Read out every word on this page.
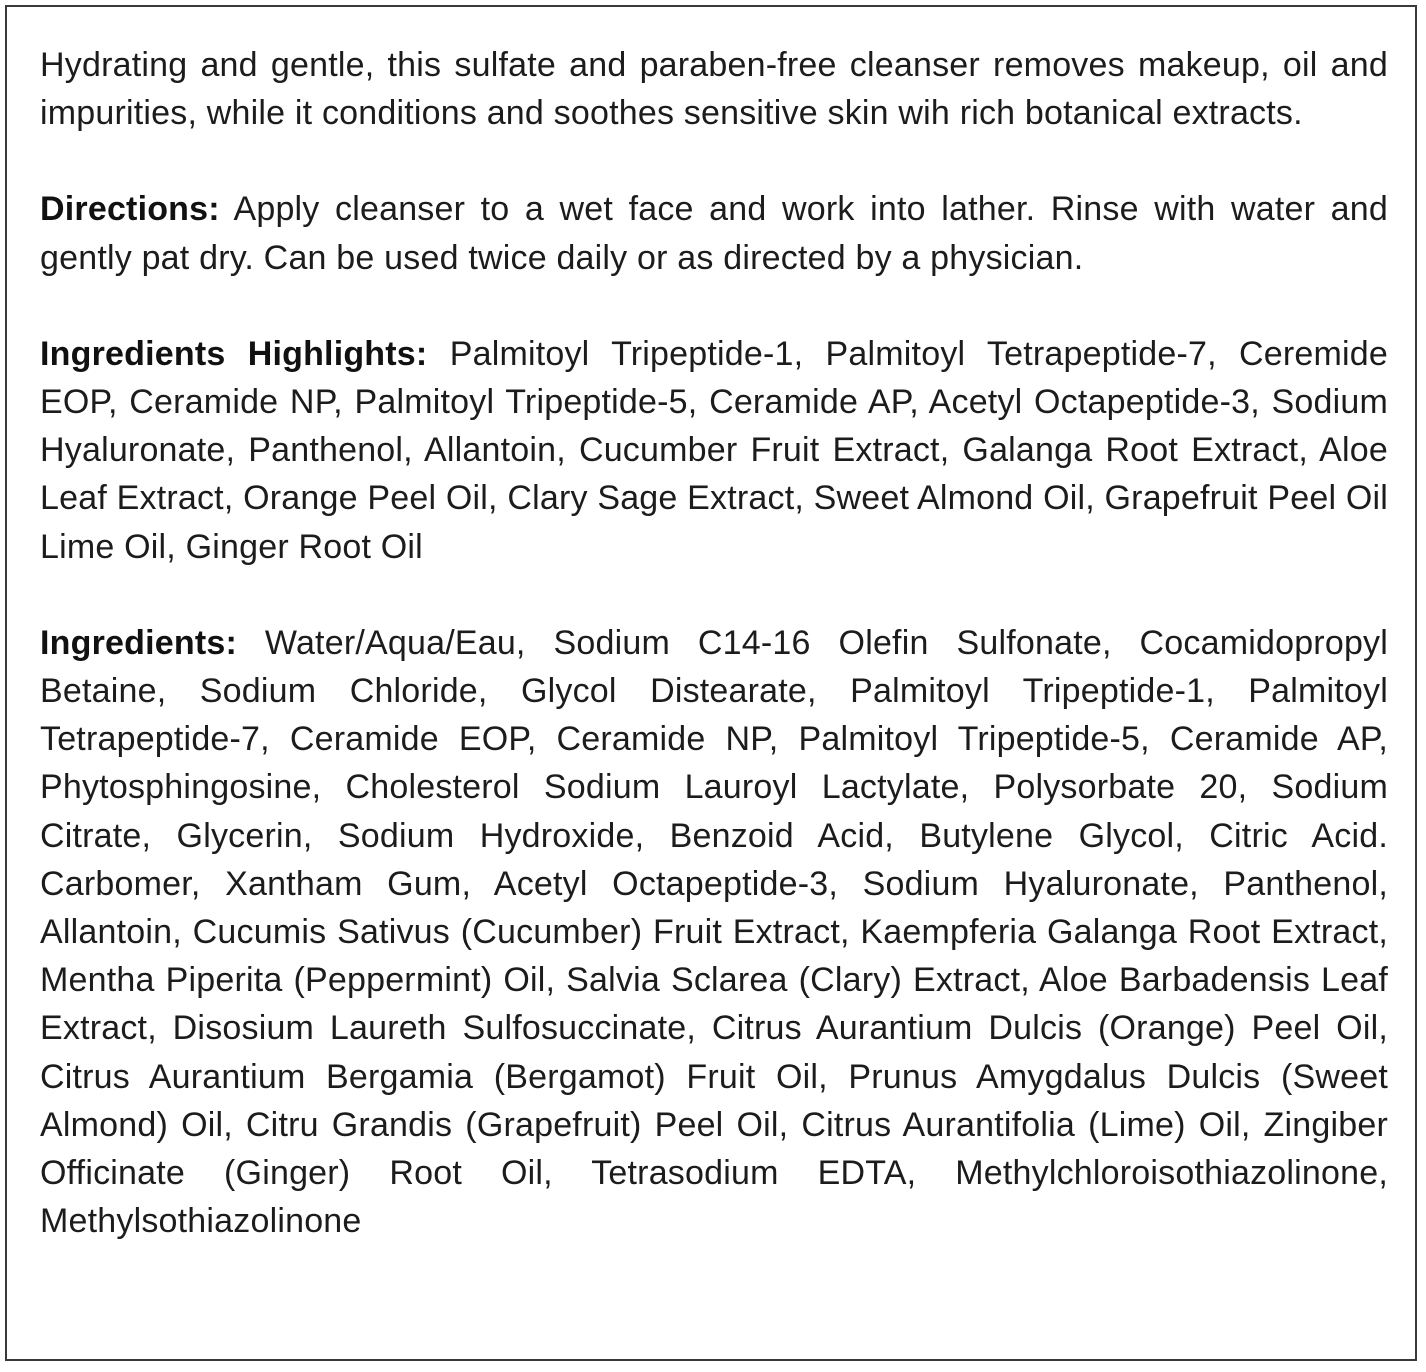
Hydrating and gentle, this sulfate and paraben-free cleanser removes makeup, oil and impurities, while it conditions and soothes sensitive skin wih rich botanical extracts.

Directions: Apply cleanser to a wet face and work into lather. Rinse with water and gently pat dry. Can be used twice daily or as directed by a physician.

Ingredients Highlights: Palmitoyl Tripeptide-1, Palmitoyl Tetrapeptide-7, Ceremide EOP, Ceramide NP, Palmitoyl Tripeptide-5, Ceramide AP, Acetyl Octapeptide-3, Sodium Hyaluronate, Panthenol, Allantoin, Cucumber Fruit Extract, Galanga Root Extract, Aloe Leaf Extract, Orange Peel Oil, Clary Sage Extract, Sweet Almond Oil, Grapefruit Peel Oil Lime Oil, Ginger Root Oil

Ingredients: Water/Aqua/Eau, Sodium C14-16 Olefin Sulfonate, Cocamidopropyl Betaine, Sodium Chloride, Glycol Distearate, Palmitoyl Tripeptide-1, Palmitoyl Tetrapeptide-7, Ceramide EOP, Ceramide NP, Palmitoyl Tripeptide-5, Ceramide AP, Phytosphingosine, Cholesterol Sodium Lauroyl Lactylate, Polysorbate 20, Sodium Citrate, Glycerin, Sodium Hydroxide, Benzoid Acid, Butylene Glycol, Citric Acid. Carbomer, Xantham Gum, Acetyl Octapeptide-3, Sodium Hyaluronate, Panthenol, Allantoin, Cucumis Sativus (Cucumber) Fruit Extract, Kaempferia Galanga Root Extract, Mentha Piperita (Peppermint) Oil, Salvia Sclarea (Clary) Extract, Aloe Barbadensis Leaf Extract, Disosium Laureth Sulfosuccinate, Citrus Aurantium Dulcis (Orange) Peel Oil, Citrus Aurantium Bergamia (Bergamot) Fruit Oil, Prunus Amygdalus Dulcis (Sweet Almond) Oil, Citru Grandis (Grapefruit) Peel Oil, Citrus Aurantifolia (Lime) Oil, Zingiber Officinate (Ginger) Root Oil, Tetrasodium EDTA, Methylchloroisothiazolinone, Methylsothiazolinone
